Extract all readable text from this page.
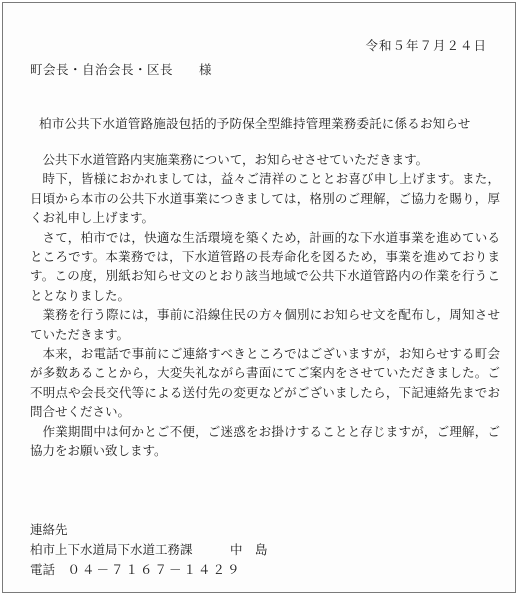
令和５年７月２４日
町会長・自治会長・区長　　様
柏市公共下水道管路施設包括的予防保全型維持管理業務委託に係るお知らせ

公共下水道管路内実施業務について，お知らせさせていただきます。

時下，皆様におかれましては，益々ご清祥のこととお喜び申し上げます。また，日頃から本市の公共下水道事業につきましては，格別のご理解，ご協力を賜り，厚くお礼申し上げます。

さて，柏市では，快適な生活環境を築くため，計画的な下水道事業を進めているところです。本業務では，下水道管路の長寿命化を図るため，事業を進めております。この度，別紙お知らせ文のとおり該当地域で公共下水道管路内の作業を行うこととなりました。

業務を行う際には，事前に沿線住民の方々個別にお知らせ文を配布し，周知させていただきます。

本来，お電話で事前にご連絡すべきところではございますが，お知らせする町会が多数あることから，大変失礼ながら書面にてご案内をさせていただきました。ご不明点や会長交代等による送付先の変更などがございましたら，下記連絡先までお問合せください。

作業期間中は何かとご不便，ご迷惑をお掛けすることと存じますが，ご理解，ご協力をお願い致します。

連絡先
柏市上下水道局下水道工務課　　　中　島
電話　 ０４－７１６７－１４２９
